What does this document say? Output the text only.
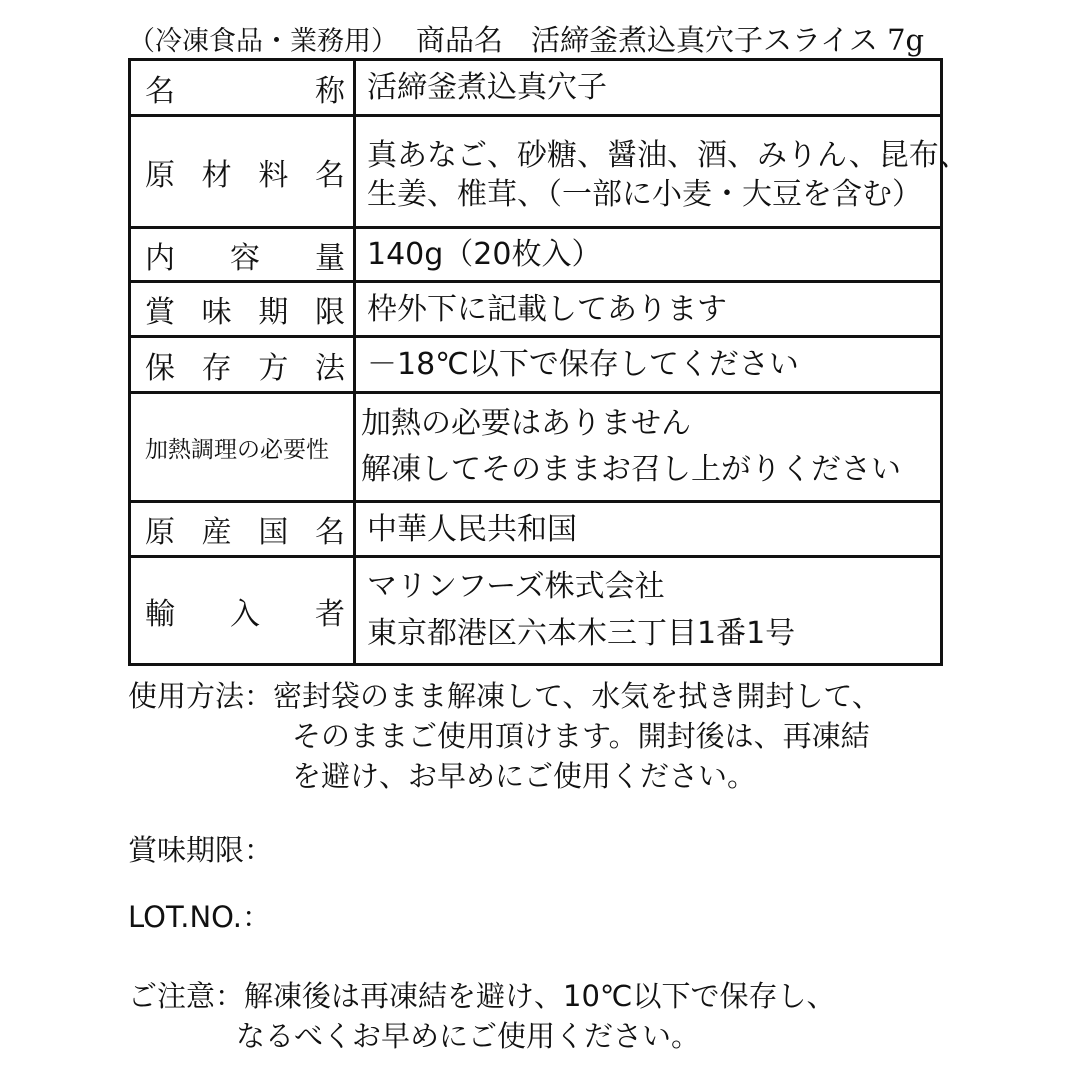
（冷凍食品・業務用） 商品名 活締釜煮込真穴子スライス 7g
名称 活締釜煮込真穴子
原材料名
真あなご、砂糖、醤油、酒、みりん、昆布、
生姜、椎茸、（一部に小麦・大豆を含む）
内容量 140g（20枚入）
賞味期限 枠外下に記載してあります
保存方法 －18℃以下で保存してください
加熱調理の必要性
加熱の必要はありません
解凍してそのままお召し上がりください
原産国名 中華人民共和国
輸入者
マリンフーズ株式会社
東京都港区六本木三丁目1番1号
使用方法：密封袋のまま解凍して、水気を拭き開封して、
そのままご使用頂けます。開封後は、再凍結
を避け、お早めにご使用ください。
賞味期限：
LOT.NO.：
ご注意：解凍後は再凍結を避け、10℃以下で保存し、
なるべくお早めにご使用ください。
